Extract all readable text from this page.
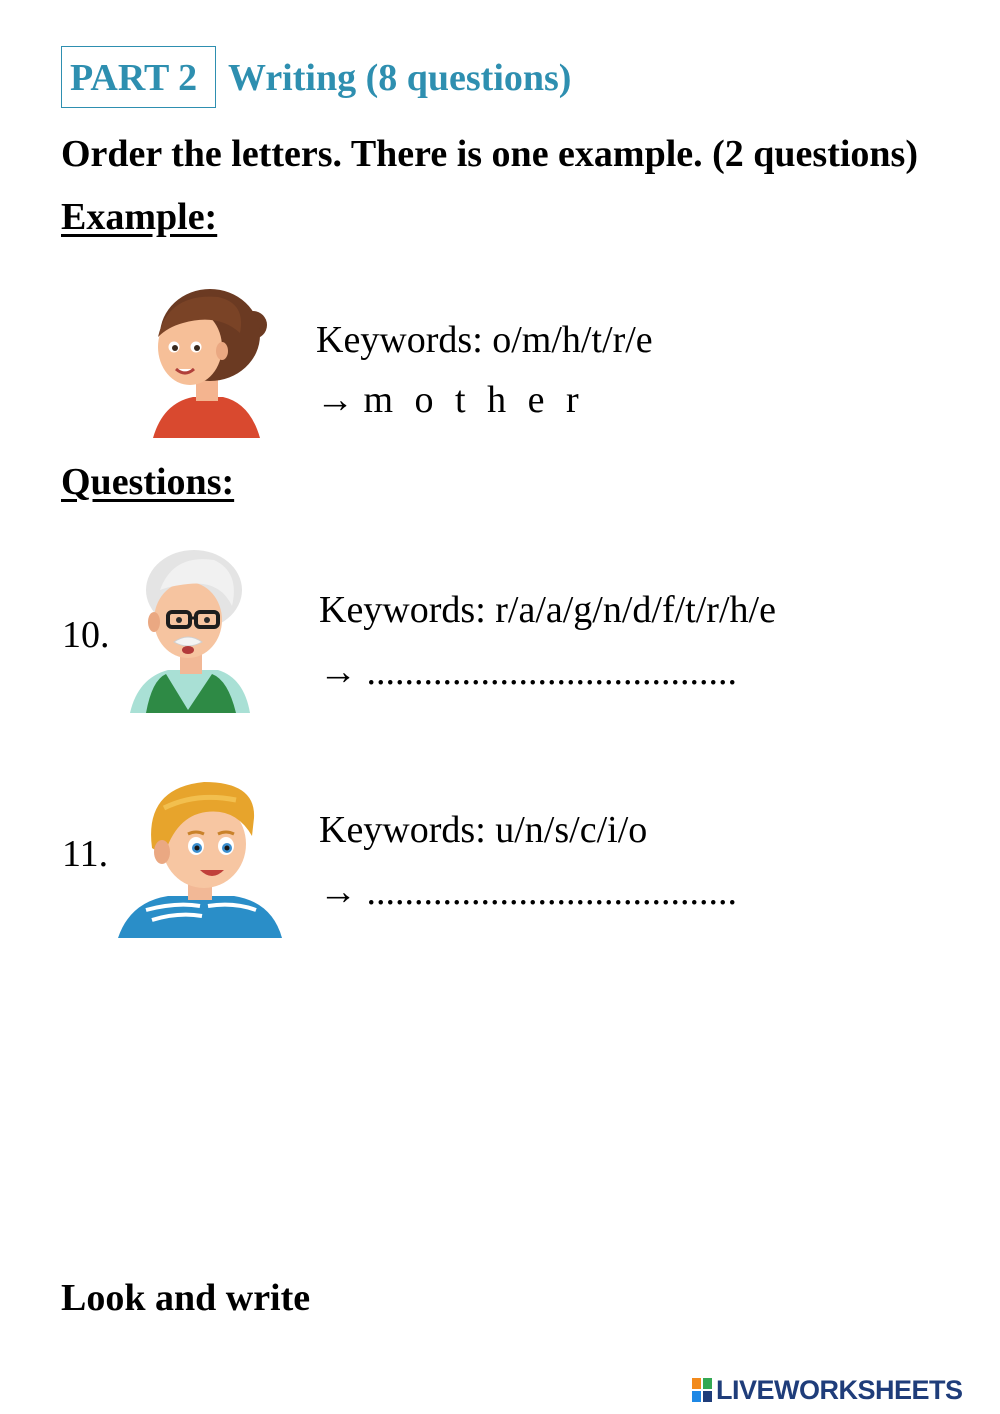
PART 2 Writing (8 questions)
Order the letters. There is one example. (2 questions)
Example:
Keywords: o/m/h/t/r/e
→ m o t h e r
Questions:
10.
Keywords: r/a/a/g/n/d/f/t/r/h/e
→ .......................................
11.
Keywords: u/n/s/c/i/o
→ .......................................
Look and write
LIVEWORKSHEETS
